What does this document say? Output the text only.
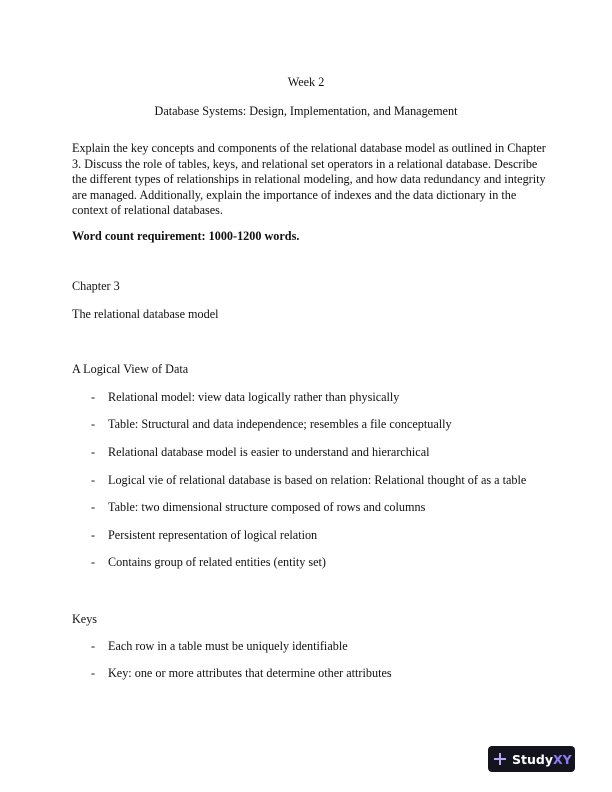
Week 2
Database Systems: Design, Implementation, and Management
Explain the key concepts and components of the relational database model as outlined in Chapter
3. Discuss the role of tables, keys, and relational set operators in a relational database. Describe
the different types of relationships in relational modeling, and how data redundancy and integrity
are managed. Additionally, explain the importance of indexes and the data dictionary in the
context of relational databases.
Word count requirement: 1000-1200 words.
Chapter 3
The relational database model
A Logical View of Data
- Relational model: view data logically rather than physically
- Table: Structural and data independence; resembles a file conceptually
- Relational database model is easier to understand and hierarchical
- Logical vie of relational database is based on relation: Relational thought of as a table
- Table: two dimensional structure composed of rows and columns
- Persistent representation of logical relation
- Contains group of related entities (entity set)
Keys
- Each row in a table must be uniquely identifiable
- Key: one or more attributes that determine other attributes
StudyXY
